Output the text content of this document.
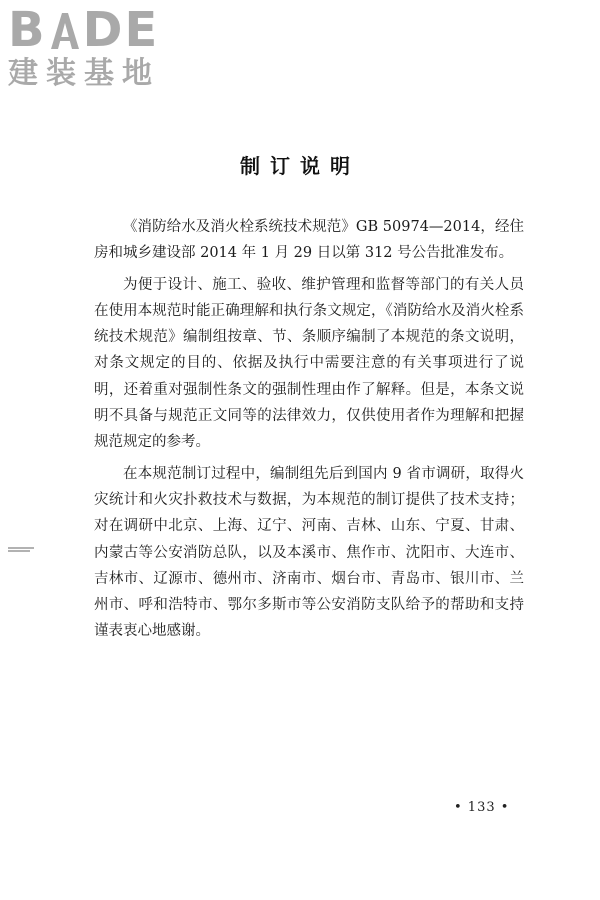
B DE
建装基地
制订说明

《消防给水及消火栓系统技术规范》GB 50974—2014，经住房和城乡建设部 2014 年 1 月 29 日以第 312 号公告批准发布。

为便于设计、施工、验收、维护管理和监督等部门的有关人员在使用本规范时能正确理解和执行条文规定，《消防给水及消火栓系统技术规范》编制组按章、节、条顺序编制了本规范的条文说明，对条文规定的目的、依据及执行中需要注意的有关事项进行了说明，还着重对强制性条文的强制性理由作了解释。但是，本条文说明不具备与规范正文同等的法律效力，仅供使用者作为理解和把握规范规定的参考。

在本规范制订过程中，编制组先后到国内 9 省市调研，取得火灾统计和火灾扑救技术与数据，为本规范的制订提供了技术支持；对在调研中北京、上海、辽宁、河南、吉林、山东、宁夏、甘肃、内蒙古等公安消防总队，以及本溪市、焦作市、沈阳市、大连市、吉林市、辽源市、德州市、济南市、烟台市、青岛市、银川市、兰州市、呼和浩特市、鄂尔多斯市等公安消防支队给予的帮助和支持谨表衷心地感谢。

• 133 •
